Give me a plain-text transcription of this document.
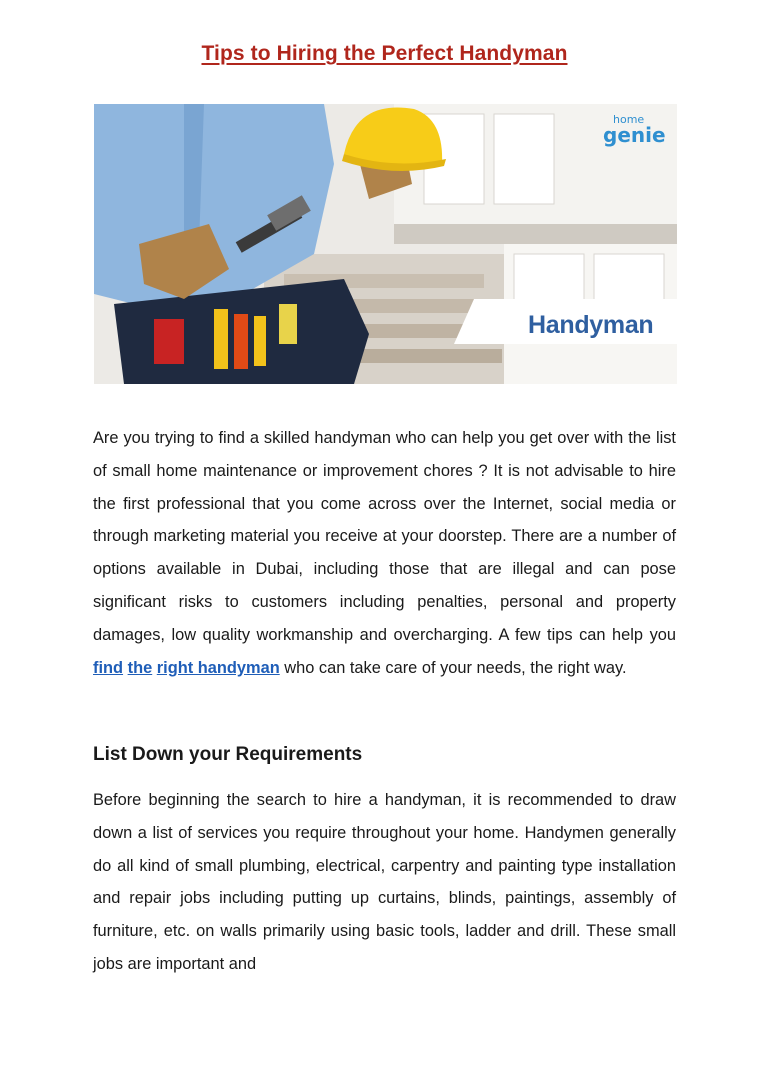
Tips to Hiring the Perfect Handyman
home
genie
Handyman
Are you trying to find a skilled handyman who can help you get over with the list of small home maintenance or improvement chores ? It is not advisable to hire the first professional that you come across over the Internet, social media or through marketing material you receive at your doorstep. There are a number of options available in Dubai, including those that are illegal and can pose significant risks to customers including penalties, personal and property damages, low quality workmanship and overcharging. A few tips can help you find the right handyman who can take care of your needs, the right way.
List Down your Requirements
Before beginning the search to hire a handyman, it is recommended to draw down a list of services you require throughout your home. Handymen generally do all kind of small plumbing, electrical, carpentry and painting type installation and repair jobs including putting up curtains, blinds, paintings, assembly of furniture, etc. on walls primarily using basic tools, ladder and drill. These small jobs are important and
